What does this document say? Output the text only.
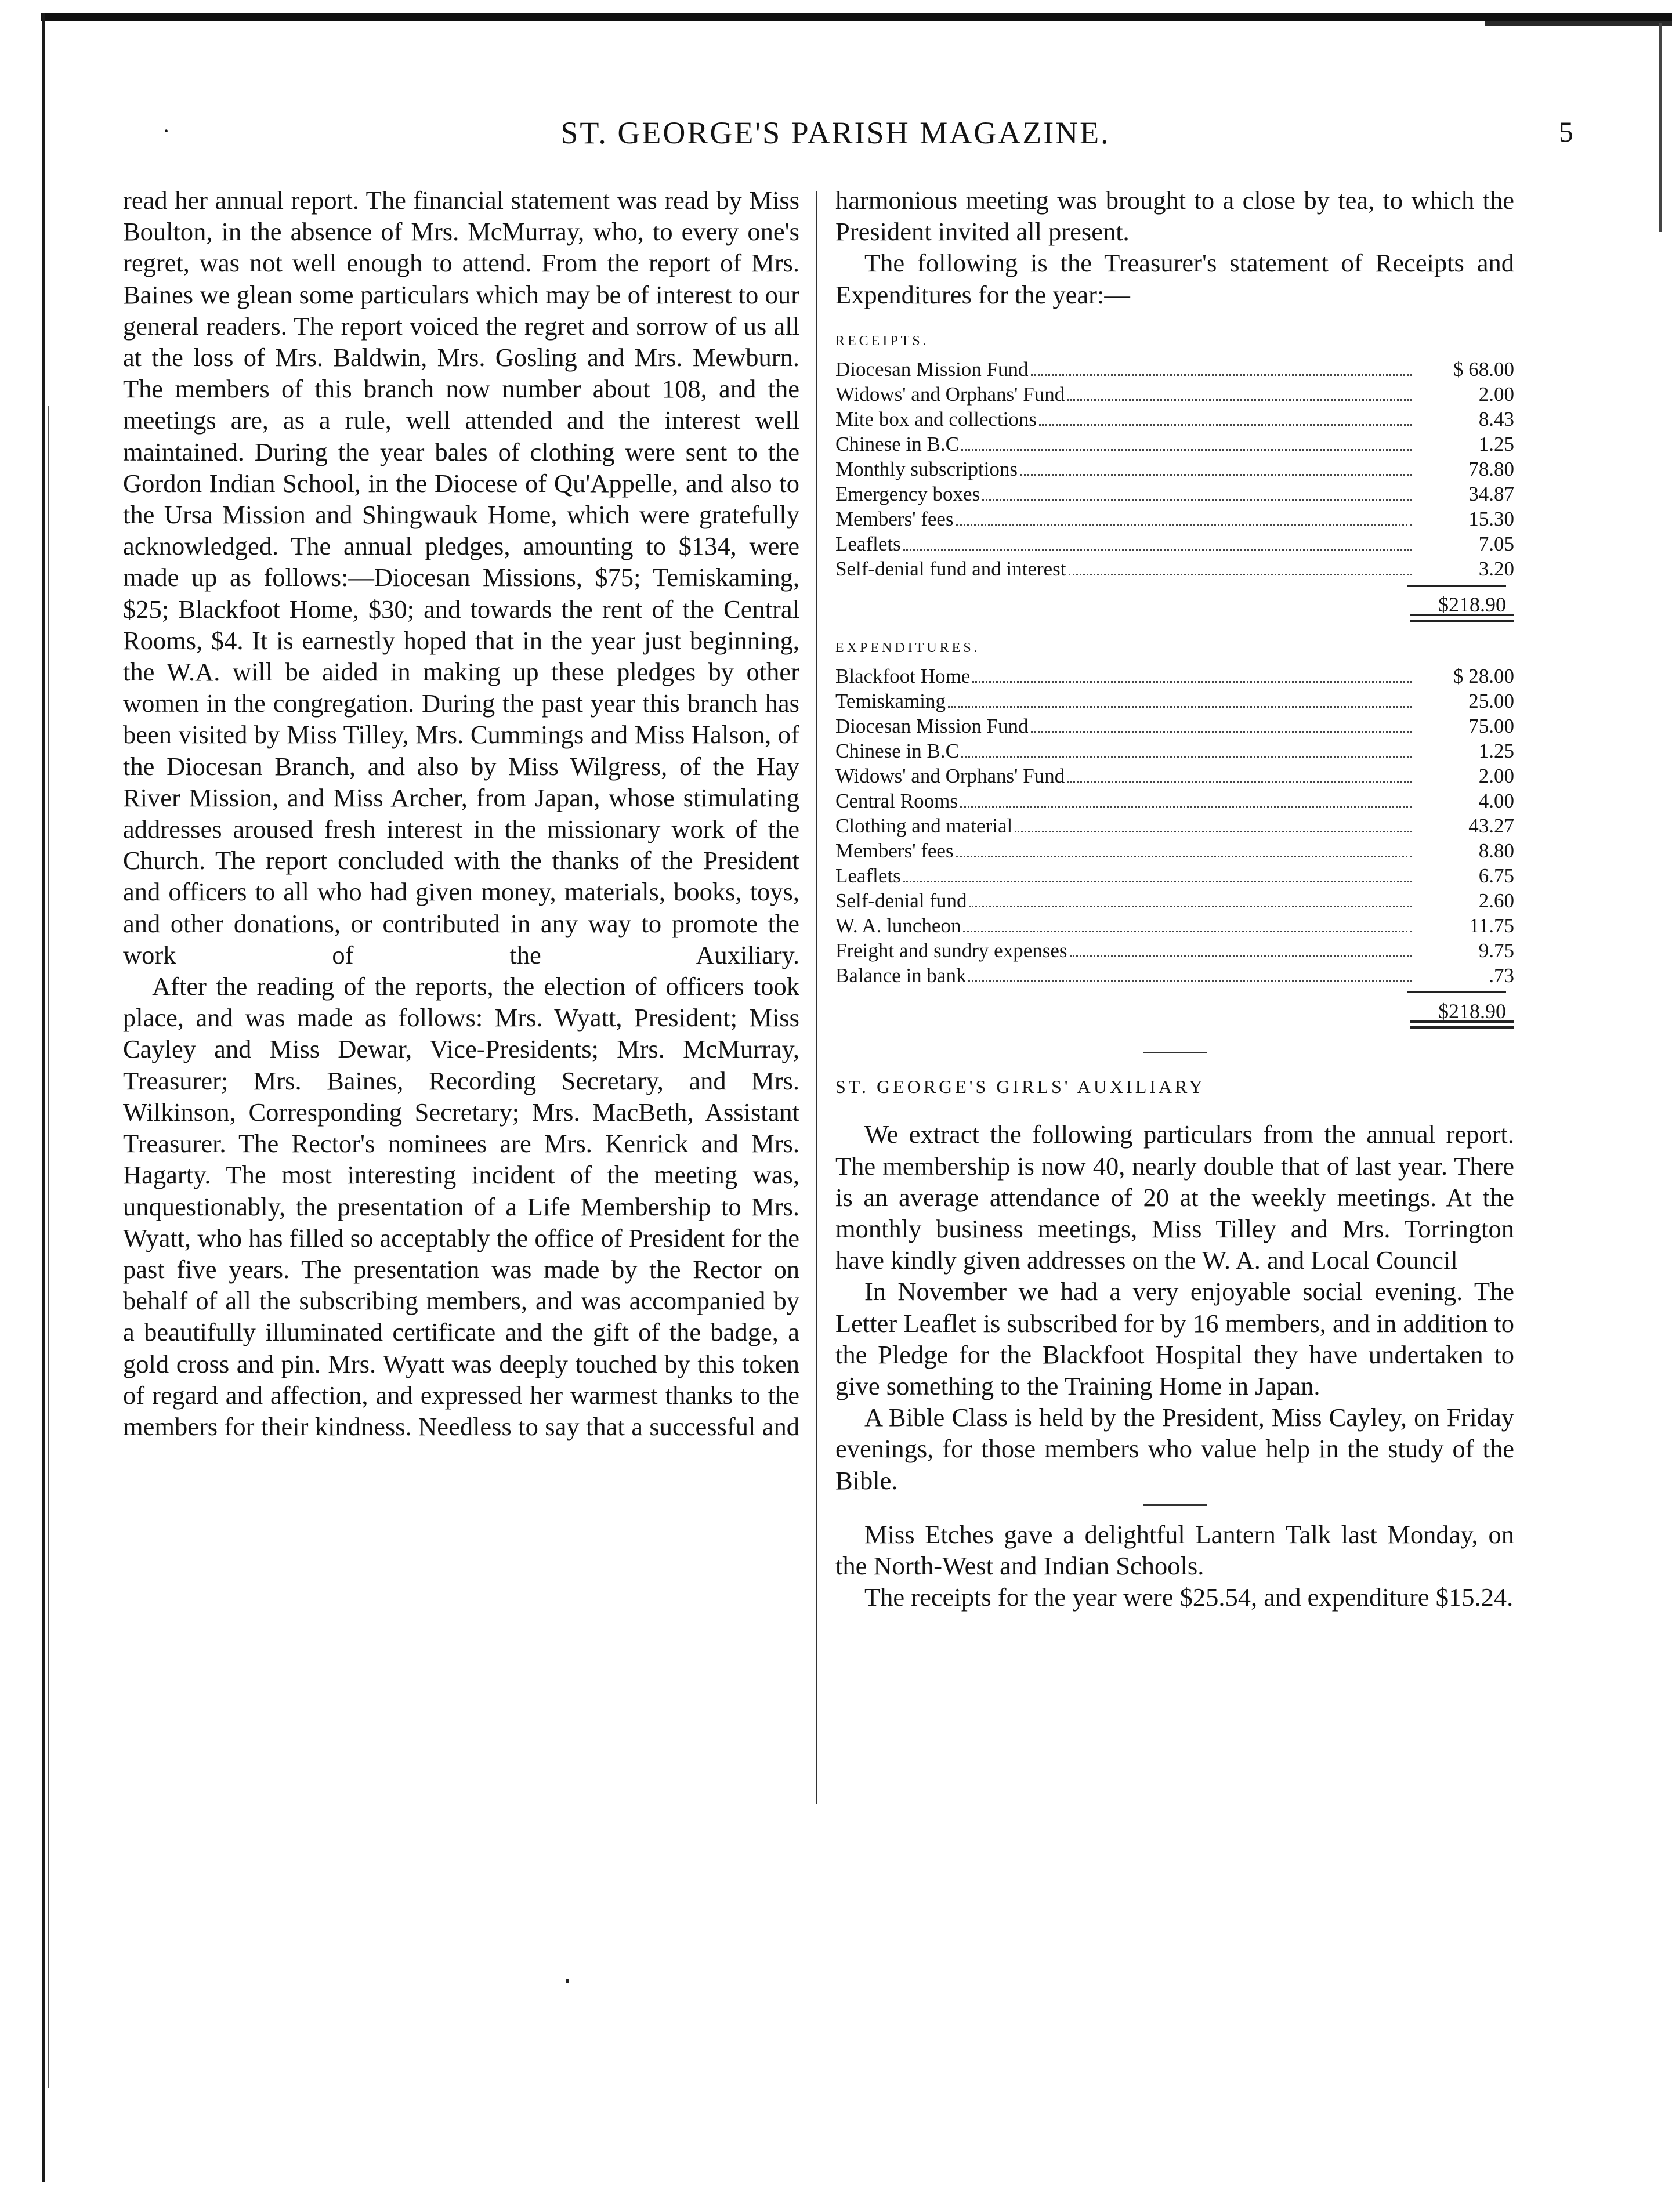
·	ST. GEORGE'S PARISH MAGAZINE.	5

read her annual report. The financial statement was read by Miss Boulton, in the absence of Mrs. McMurray, who, to every one's regret, was not well enough to attend. From the report of Mrs. Baines we glean some particulars which may be of interest to our general readers. The report voiced the regret and sorrow of us all at the loss of Mrs. Baldwin, Mrs. Gosling and Mrs. Mewburn. The members of this branch now number about 108, and the meetings are, as a rule, well attended and the interest well maintained. During the year bales of clothing were sent to the Gordon Indian School, in the Diocese of Qu'Appelle, and also to the Ursa Mission and Shingwauk Home, which were gratefully acknowledged. The annual pledges, amounting to $134, were made up as follows:—Diocesan Missions, $75; Temiskaming, $25; Blackfoot Home, $30; and towards the rent of the Central Rooms, $4. It is earnestly hoped that in the year just beginning, the W.A. will be aided in making up these pledges by other women in the congregation. During the past year this branch has been visited by Miss Tilley, Mrs. Cummings and Miss Halson, of the Diocesan Branch, and also by Miss Wilgress, of the Hay River Mission, and Miss Archer, from Japan, whose stimulating addresses aroused fresh interest in the missionary work of the Church. The report concluded with the thanks of the President and officers to all who had given money, materials, books, toys, and other donations, or contributed in any way to promote the work of the Auxiliary.

After the reading of the reports, the election of officers took place, and was made as follows: Mrs. Wyatt, President; Miss Cayley and Miss Dewar, Vice-Presidents; Mrs. McMurray, Treasurer; Mrs. Baines, Recording Secretary, and Mrs. Wilkinson, Corresponding Secretary; Mrs. MacBeth, Assistant Treasurer. The Rector's nominees are Mrs. Kenrick and Mrs. Hagarty. The most interesting incident of the meeting was, unquestionably, the presentation of a Life Membership to Mrs. Wyatt, who has filled so acceptably the office of President for the past five years. The presentation was made by the Rector on behalf of all the subscribing members, and was accompanied by a beautifully illuminated certificate and the gift of the badge, a gold cross and pin. Mrs. Wyatt was deeply touched by this token of regard and affection, and expressed her warmest thanks to the members for their kindness. Needless to say that a successful and

harmonious meeting was brought to a close by tea, to which the President invited all present.

The following is the Treasurer's statement of Receipts and Expenditures for the year:—

RECEIPTS.

Diocesan Mission Fund	$ 68.00
Widows' and Orphans' Fund	2.00
Mite box and collections	8.43
Chinese in B.C	1.25
Monthly subscriptions	78.80
Emergency boxes	34.87
Members' fees	15.30
Leaflets	7.05
Self-denial fund and interest	3.20
$218.90

EXPENDITURES.

Blackfoot Home	$ 28.00
Temiskaming	25.00
Diocesan Mission Fund	75.00
Chinese in B.C	1.25
Widows' and Orphans' Fund	2.00
Central Rooms	4.00
Clothing and material	43.27
Members' fees	8.80
Leaflets	6.75
Self-denial fund	2.60
W. A. luncheon	11.75
Freight and sundry expenses	9.75
Balance in bank	.73
$218.90

ST. GEORGE'S GIRLS' AUXILIARY

We extract the following particulars from the annual report. The membership is now 40, nearly double that of last year. There is an average attendance of 20 at the weekly meetings. At the monthly business meetings, Miss Tilley and Mrs. Torrington have kindly given addresses on the W. A. and Local Council

In November we had a very enjoyable social evening. The Letter Leaflet is subscribed for by 16 members, and in addition to the Pledge for the Blackfoot Hospital they have undertaken to give something to the Training Home in Japan.

A Bible Class is held by the President, Miss Cayley, on Friday evenings, for those members who value help in the study of the Bible.

Miss Etches gave a delightful Lantern Talk last Monday, on the North-West and Indian Schools.

The receipts for the year were $25.54, and expenditure $15.24.
